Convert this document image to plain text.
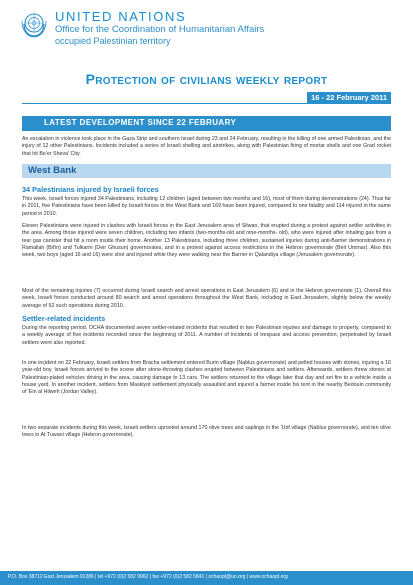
UNITED NATIONS
Office for the Coordination of Humanitarian Affairs
occupied Palestinian territory
Protection of civilians weekly report
16 - 22 February 2011
LATEST DEVELOPMENT SINCE 22 FEBRUARY
An escalation in violence took place in the Gaza Strip and southern Israel during 23 and 24 February, resulting in the killing of one armed Palestinian, and the injury of 12 other Palestinians. Incidents included a series of Israeli shelling and airstrikes, along with Palestinian firing of mortar shells and one Grad rocket that hit Be'er Sheva' City.
West Bank
34 Palestinians injured by Israeli forces
This week, Israeli forces injured 34 Palestinians, including 12 children (aged between two months and 16), most of them during demonstrations (24). Thus far in 2011, five Palestinians have been killed by Israeli forces in the West Bank and 169 have been injured, compared to one fatality and 114 injured in the same period in 2010.
Eleven Palestinians were injured in clashes with Israeli forces in the East Jerusalem area of Silwan, that erupted during a protest against settler activities in the area. Among those injured were seven children, including two infants (two-months-old and nine-months- old), who were injured after inhaling gas from a tear gas canister that hit a room inside their home. Another 13 Palestinians, including three children, sustained injuries during anti-Barrier demonstrations in Ramallah (Bil'in) and Tulkarm (Deir Ghusun) governorates, and in a protest against access restrictions in the Hebron governorate (Beit Ummar). Also this week, two boys (aged 16 and 16) were shot and injured while they were walking near the Barrier in Qalandiya village (Jerusalem governorate).
Most of the remaining injuries (7) occurred during Israeli search and arrest operations in East Jerusalem (6) and in the Hebron governorate (1). Overall this week, Israeli forces conducted around 80 search and arrest operations throughout the West Bank, including in East Jerusalem, slightly below the weekly average of 92 such operations during 2010.
Settler-related incidents
During the reporting period, OCHA documented seven settler-related incidents that resulted in two Palestinian injuries and damage to property, compared to a weekly average of five incidents recorded since the beginning of 2011. A number of incidents of trespass and access prevention, perpetrated by Israeli settlers were also reported.
In one incident on 22 February, Israeli settlers from Bracha settlement entered Burin village (Nablus governorate) and pelted houses with stones, injuring a 16 year-old boy. Israeli forces arrived to the scene after stone-throwing clashes erupted between Palestinians and settlers. Afterwards, settlers threw stones at Palestinian-plated vehicles driving in the area, causing damage to 13 cars. The settlers returned to the village later that day and set fire to a vehicle inside a house yard. In another incident, settlers from Maskiyot settlement physically assaulted and injured a farmer inside his tent in the nearby Bedouin community of 'Ein al Hilweh (Jordan Valley).
In two separate incidents during this week, Israeli settlers uprooted around 170 olive trees and saplings in the 'Urif village (Nablus governorate), and ten olive trees in At Tuwani village (Hebron governorate).
P.O. Box 38712 East Jerusalem 91386 | tel +972 (0)2 582 9962 | fax +972 (0)2 582 5841 | ochaopt@un.org | www.ochaopt.org
